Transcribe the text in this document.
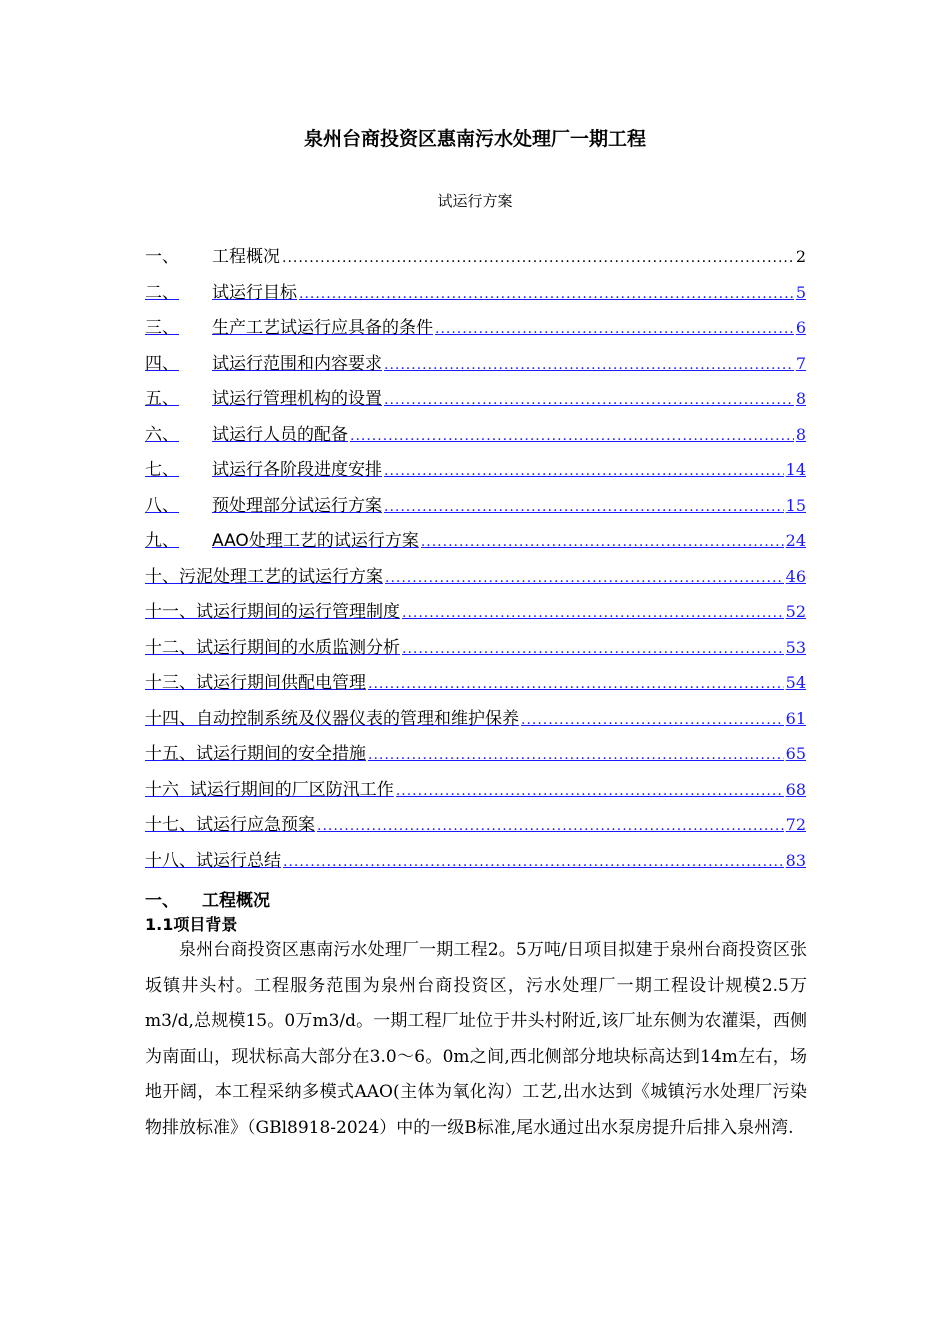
泉州台商投资区惠南污水处理厂一期工程
试运行方案
一、	工程概况 .....	2
二、	试运行目标 .....	5
三、	生产工艺试运行应具备的条件 .....	6
四、	试运行范围和内容要求 .....	7
五、	试运行管理机构的设置 .....	8
六、	试运行人员的配备 .....	8
七、	试运行各阶段进度安排 .....	14
八、	预处理部分试运行方案 .....	15
九、	AAO处理工艺的试运行方案 .....	24
十、污泥处理工艺的试运行方案 .....	46
十一、试运行期间的运行管理制度 .....	52
十二、试运行期间的水质监测分析 .....	53
十三、试运行期间供配电管理 .....	54
十四、自动控制系统及仪器仪表的管理和维护保养 .....	61
十五、试运行期间的安全措施 .....	65
十六  试运行期间的厂区防汛工作 .....	68
十七、试运行应急预案 .....	72
十八、试运行总结 .....	83
一、 工程概况
1.1项目背景

泉州台商投资区惠南污水处理厂一期工程2。5万吨/日项目拟建于泉州台商投资区张坂镇井头村。工程服务范围为泉州台商投资区，污水处理厂一期工程设计规模2.5万m3/d,总规模15。0万m3/d。一期工程厂址位于井头村附近,该厂址东侧为农灌渠，西侧为南面山，现状标高大部分在3.0～6。0m之间,西北侧部分地块标高达到14m左右，场地开阔，本工程采纳多模式AAO(主体为氧化沟）工艺,出水达到《城镇污水处理厂污染物排放标准》（GBl8918-2024）中的一级B标准,尾水通过出水泵房提升后排入泉州湾.
